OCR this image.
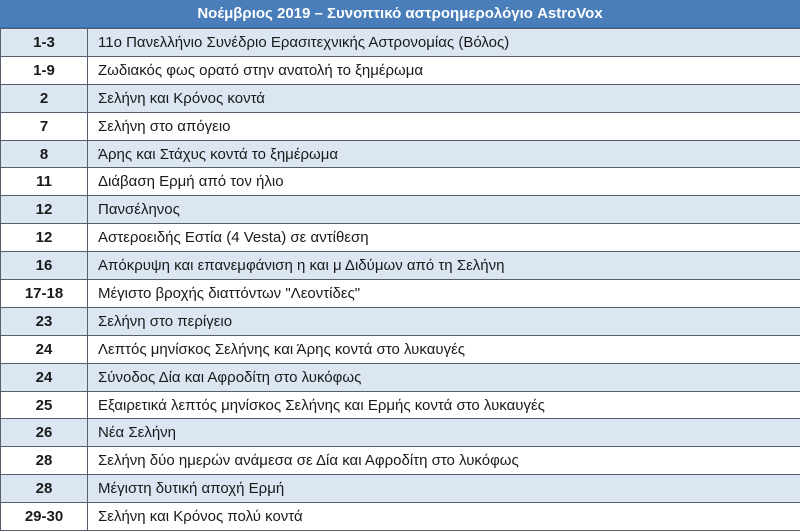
Νοέμβριος 2019 – Συνοπτικό αστροημερολόγιο AstroVox
1-3	11ο Πανελλήνιο Συνέδριο Ερασιτεχνικής Αστρονομίας (Βόλος)
1-9	Ζωδιακός φως ορατό στην ανατολή το ξημέρωμα
2	Σελήνη και Κρόνος κοντά
7	Σελήνη στο απόγειο
8	Άρης και Στάχυς κοντά το ξημέρωμα
11	Διάβαση Ερμή από τον ήλιο
12	Πανσέληνος
12	Αστεροειδής Εστία (4 Vesta) σε αντίθεση
16	Απόκρυψη και επανεμφάνιση η και μ Διδύμων από τη Σελήνη
17-18	Μέγιστο βροχής διαττόντων "Λεοντίδες"
23	Σελήνη στο περίγειο
24	Λεπτός μηνίσκος Σελήνης και Άρης κοντά στο λυκαυγές
24	Σύνοδος Δία και Αφροδίτη στο λυκόφως
25	Εξαιρετικά λεπτός μηνίσκος Σελήνης και Ερμής κοντά στο λυκαυγές
26	Νέα Σελήνη
28	Σελήνη δύο ημερών ανάμεσα σε Δία και Αφροδίτη στο λυκόφως
28	Μέγιστη δυτική αποχή Ερμή
29-30	Σελήνη και Κρόνος πολύ κοντά
